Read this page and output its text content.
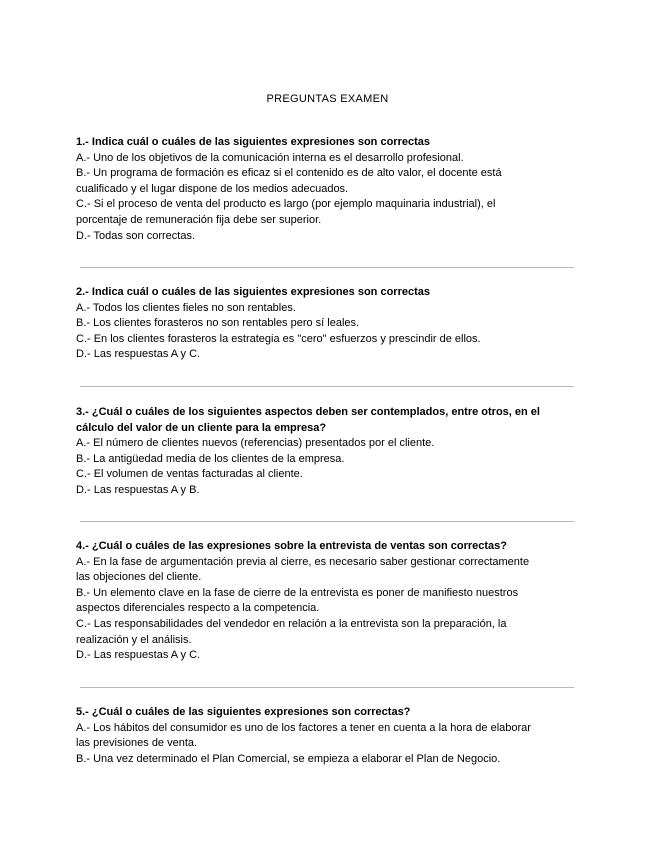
PREGUNTAS EXAMEN
1.- Indica cuál o cuáles de las siguientes expresiones son correctas
A.- Uno de los objetivos de la comunicación interna es el desarrollo profesional.
B.- Un programa de formación es eficaz si el contenido es de alto valor, el docente está cualificado y el lugar dispone de los medios adecuados.
C.- Si el proceso de venta del producto es largo (por ejemplo maquinaria industrial), el porcentaje de remuneración fija debe ser superior.
D.- Todas son correctas.
2.- Indica cuál o cuáles de las siguientes expresiones son correctas
A.- Todos los clientes fieles no son rentables.
B.- Los clientes forasteros no son rentables pero sí leales.
C.- En los clientes forasteros la estrategia es "cero" esfuerzos y prescindir de ellos.
D.- Las respuestas A y C.
3.- ¿Cuál o cuáles de los siguientes aspectos deben ser contemplados, entre otros, en el cálculo del valor de un cliente para la empresa?
A.- El número de clientes nuevos (referencias) presentados por el cliente.
B.- La antigüedad media de los clientes de la empresa.
C.- El volumen de ventas facturadas al cliente.
D.- Las respuestas A y B.
4.- ¿Cuál o cuáles de las expresiones sobre la entrevista de ventas son correctas?
A.- En la fase de argumentación previa al cierre, es necesario saber gestionar correctamente las objeciones del cliente.
B.- Un elemento clave en la fase de cierre de la entrevista es poner de manifiesto nuestros aspectos diferenciales respecto a la competencia.
C.- Las responsabilidades del vendedor en relación a la entrevista son la preparación, la realización y el análisis.
D.- Las respuestas A y C.
5.- ¿Cuál o cuáles de las siguientes expresiones son correctas?
A.- Los hábitos del consumidor es uno de los factores a tener en cuenta a la hora de elaborar las previsiones de venta.
B.- Una vez determinado el Plan Comercial, se empieza a elaborar el Plan de Negocio.
